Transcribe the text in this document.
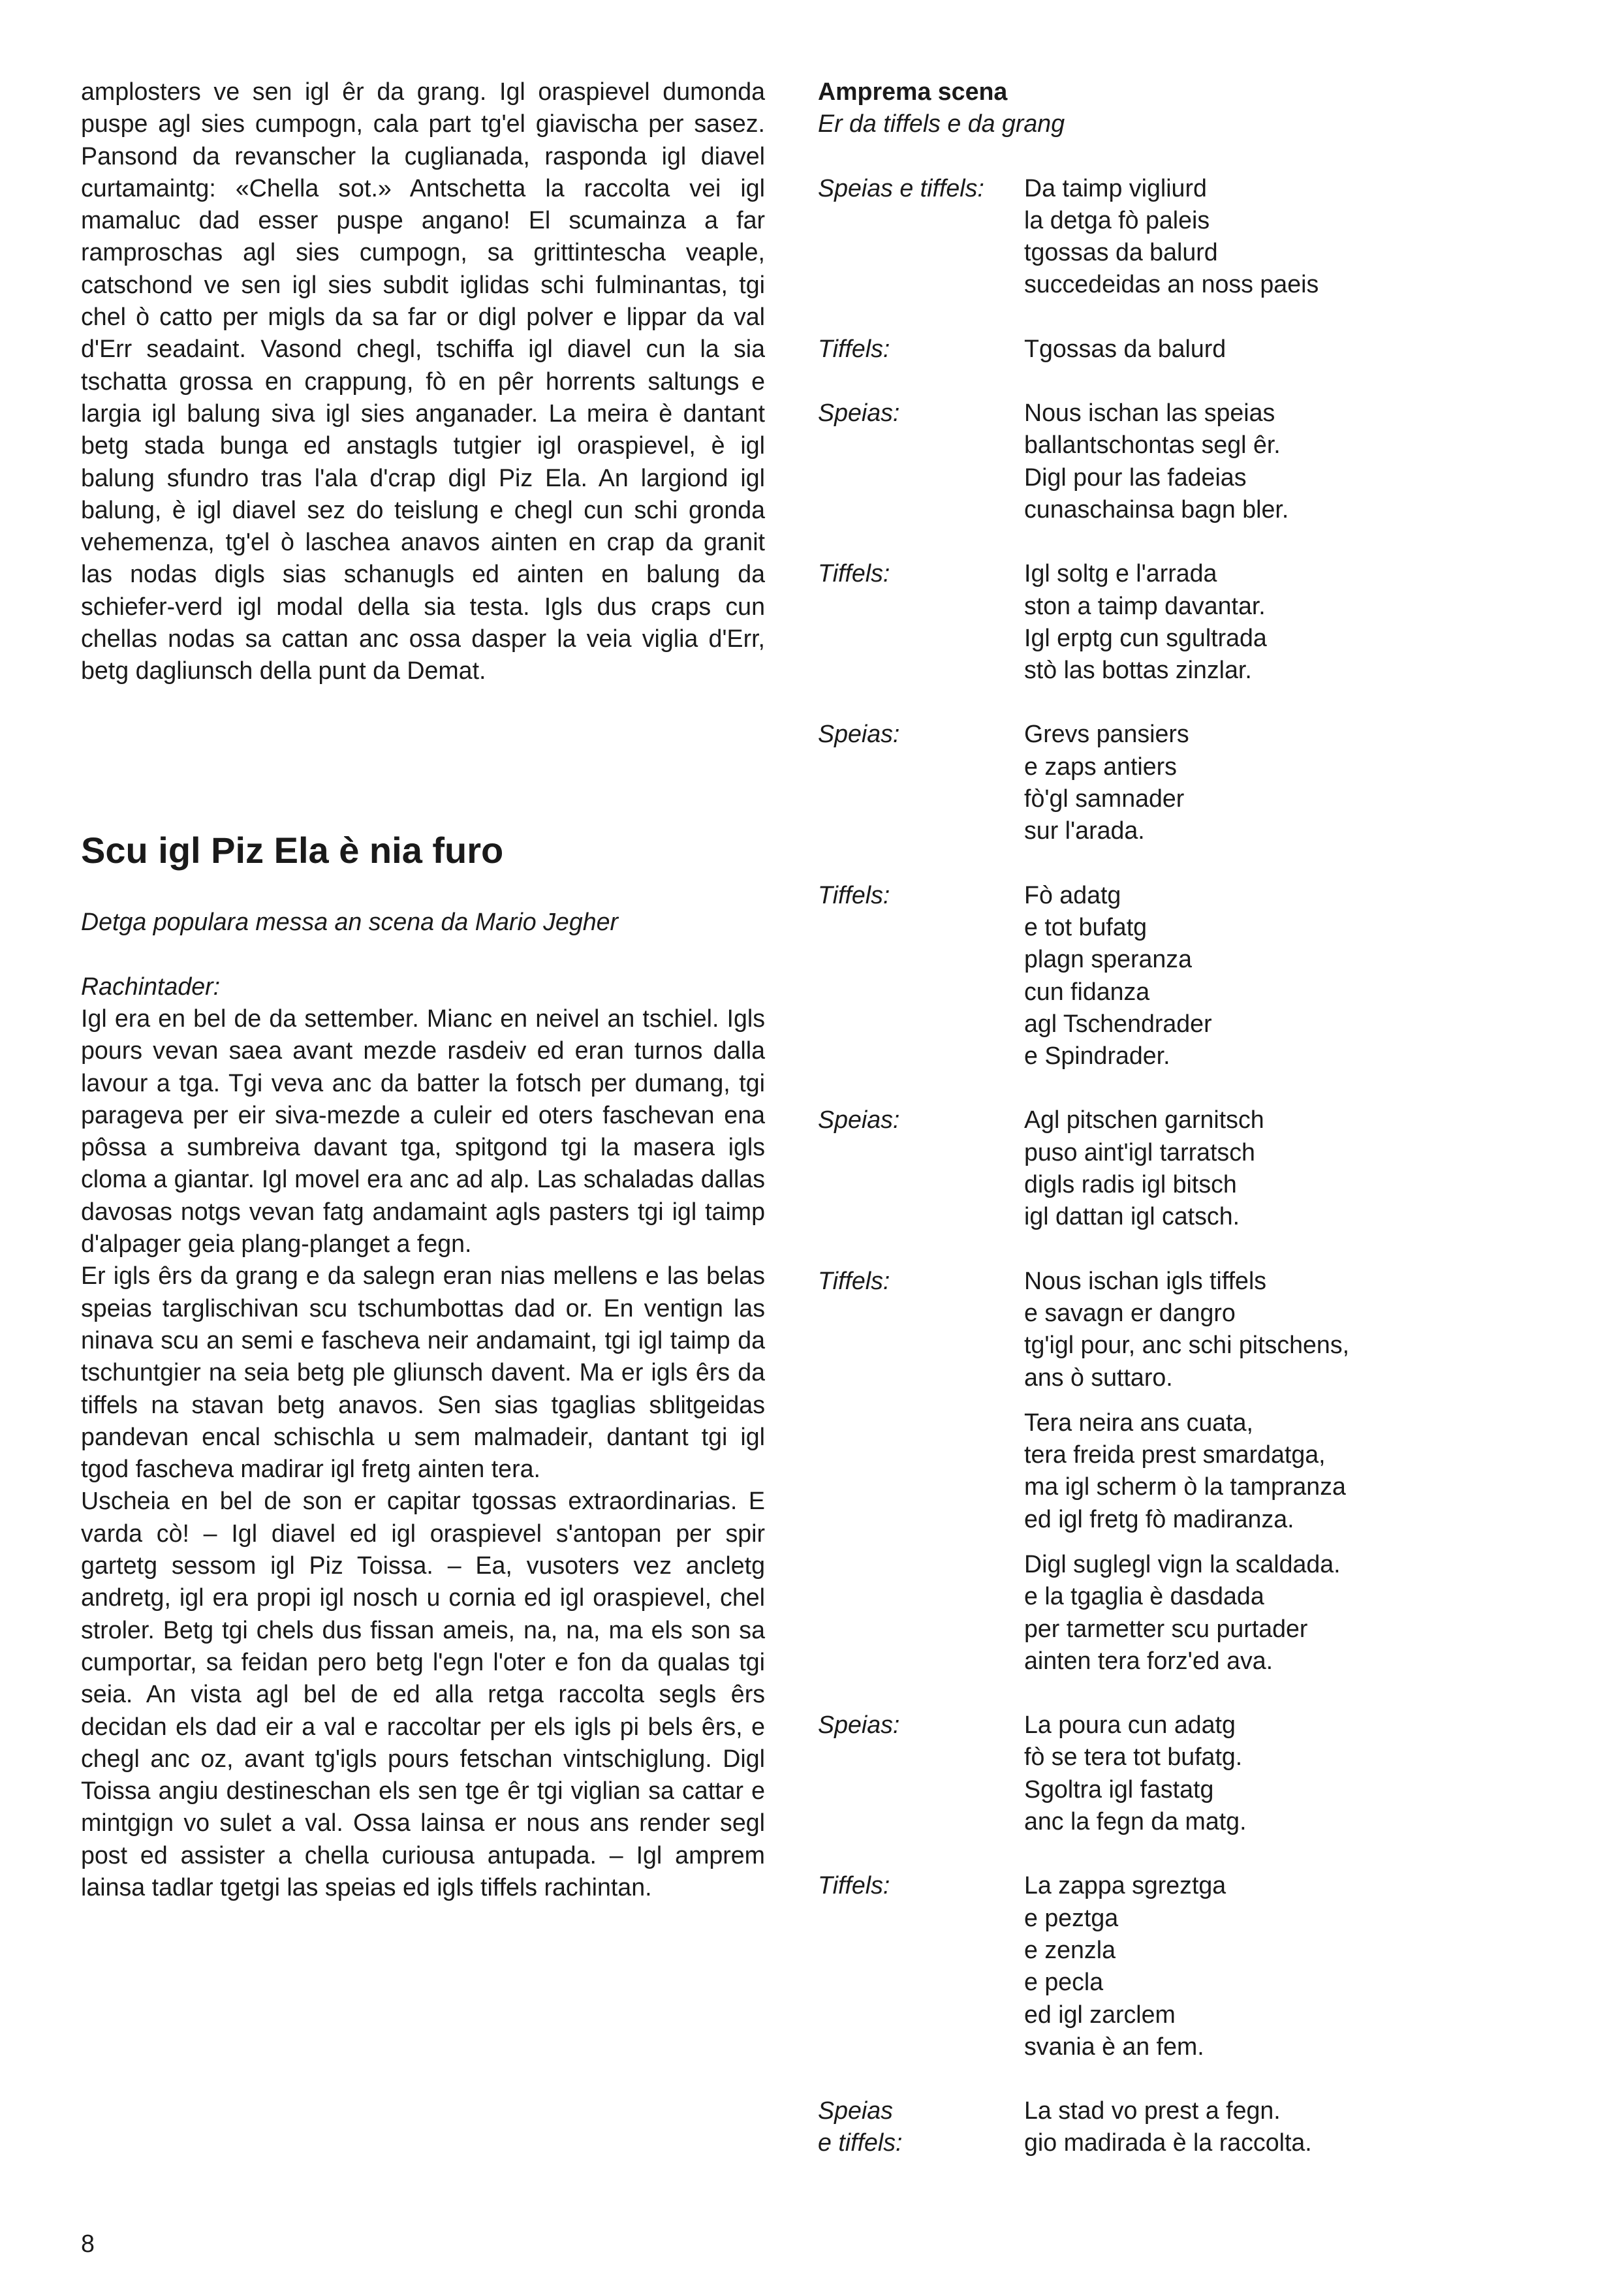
amplosters ve sen igl êr da grang. Igl oraspievel dumonda puspe agl sies cumpogn, cala part tg'el giavischa per sasez. Pansond da revanscher la cuglianada, rasponda igl diavel curtamaintg: «Chella sot.» Antschetta la raccolta vei igl mamaluc dad esser puspe angano! El scumainza a far ramproschas agl sies cumpogn, sa grittintescha veaple, catschond ve sen igl sies subdit iglidas schi fulminantas, tgi chel ò catto per migls da sa far or digl polver e lippar da val d'Err seadaint. Vasond chegl, tschiffa igl diavel cun la sia tschatta grossa en crappung, fò en pêr horrents saltungs e largia igl balung siva igl sies anganader. La meira è dantant betg stada bunga ed anstagls tutgier igl oraspievel, è igl balung sfundro tras l'ala d'crap digl Piz Ela. An largiond igl balung, è igl diavel sez do teislung e chegl cun schi gronda vehemenza, tg'el ò laschea anavos ainten en crap da granit las nodas digls sias schanugls ed ainten en balung da schiefer-verd igl modal della sia testa. Igls dus craps cun chellas nodas sa cattan anc ossa dasper la veia viglia d'Err, betg dagliunsch della punt da Demat.

Scu igl Piz Ela è nia furo

Detga populara messa an scena da Mario Jegher

Rachintader:

Igl era en bel de da settember. Mianc en neivel an tschiel. Igls pours vevan saea avant mezde rasdeiv ed eran turnos dalla lavour a tga. Tgi veva anc da batter la fotsch per dumang, tgi parageva per eir siva-mezde a culeir ed oters faschevan ena pôssa a sumbreiva davant tga, spitgond tgi la masera igls cloma a giantar. Igl movel era anc ad alp. Las schaladas dallas davosas notgs vevan fatg andamaint agls pasters tgi igl taimp d'alpager geia plang-planget a fegn.

Er igls êrs da grang e da salegn eran nias mellens e las belas speias targlischivan scu tschumbottas dad or. En ventign las ninava scu an semi e fascheva neir andamaint, tgi igl taimp da tschuntgier na seia betg ple gliunsch davent. Ma er igls êrs da tiffels na stavan betg anavos. Sen sias tgaglias sblitgeidas pandevan encal schischla u sem malmadeir, dantant tgi igl tgod fascheva madirar igl fretg ainten tera.

Uscheia en bel de son er capitar tgossas extraordinarias. E varda cò! – Igl diavel ed igl oraspievel s'antopan per spir gartetg sessom igl Piz Toissa. – Ea, vusoters vez ancletg andretg, igl era propi igl nosch u cornia ed igl oraspievel, chel stroler. Betg tgi chels dus fissan ameis, na, na, ma els son sa cumportar, sa feidan pero betg l'egn l'oter e fon da qualas tgi seia. An vista agl bel de ed alla retga raccolta segls êrs decidan els dad eir a val e raccoltar per els igls pi bels êrs, e chegl anc oz, avant tg'igls pours fetschan vintschiglung. Digl Toissa angiu destineschan els sen tge êr tgi viglian sa cattar e mintgign vo sulet a val. Ossa lainsa er nous ans render segl post ed assister a chella curiousa antupada. – Igl amprem lainsa tadlar tgetgi las speias ed igls tiffels rachintan.

Amprema scena

Er da tiffels e da grang

Speias e tiffels:	Da taimp vigliurd
la detga fò paleis
tgossas da balurd
succedeidas an noss paeis
Tiffels:	Tgossas da balurd
Speias:	Nous ischan las speias
ballantschontas segl êr.
Digl pour las fadeias
cunaschainsa bagn bler.
Tiffels:	Igl soltg e l'arrada
ston a taimp davantar.
Igl erptg cun sgultrada
stò las bottas zinzlar.
Speias:	Grevs pansiers
e zaps antiers
fò'gl samnader
sur l'arada.
Tiffels:	Fò adatg
e tot bufatg
plagn speranza
cun fidanza
agl Tschendrader
e Spindrader.
Speias:	Agl pitschen garnitsch
puso aint'igl tarratsch
digls radis igl bitsch
igl dattan igl catsch.
Tiffels:	Nous ischan igls tiffels
e savagn er dangro
tg'igl pour, anc schi pitschens,
ans ò suttaro.
Tera neira ans cuata,
tera freida prest smardatga,
ma igl scherm ò la tampranza
ed igl fretg fò madiranza.
Digl suglegl vign la scaldada.
e la tgaglia è dasdada
per tarmetter scu purtader
ainten tera forz'ed ava.
Speias:	La poura cun adatg
fò se tera tot bufatg.
Sgoltra igl fastatg
anc la fegn da matg.
Tiffels:	La zappa sgreztga
e peztga
e zenzla
e pecla
ed igl zarclem
svania è an fem.
Speias e tiffels:
La stad vo prest a fegn.
gio madirada è la raccolta.
8
